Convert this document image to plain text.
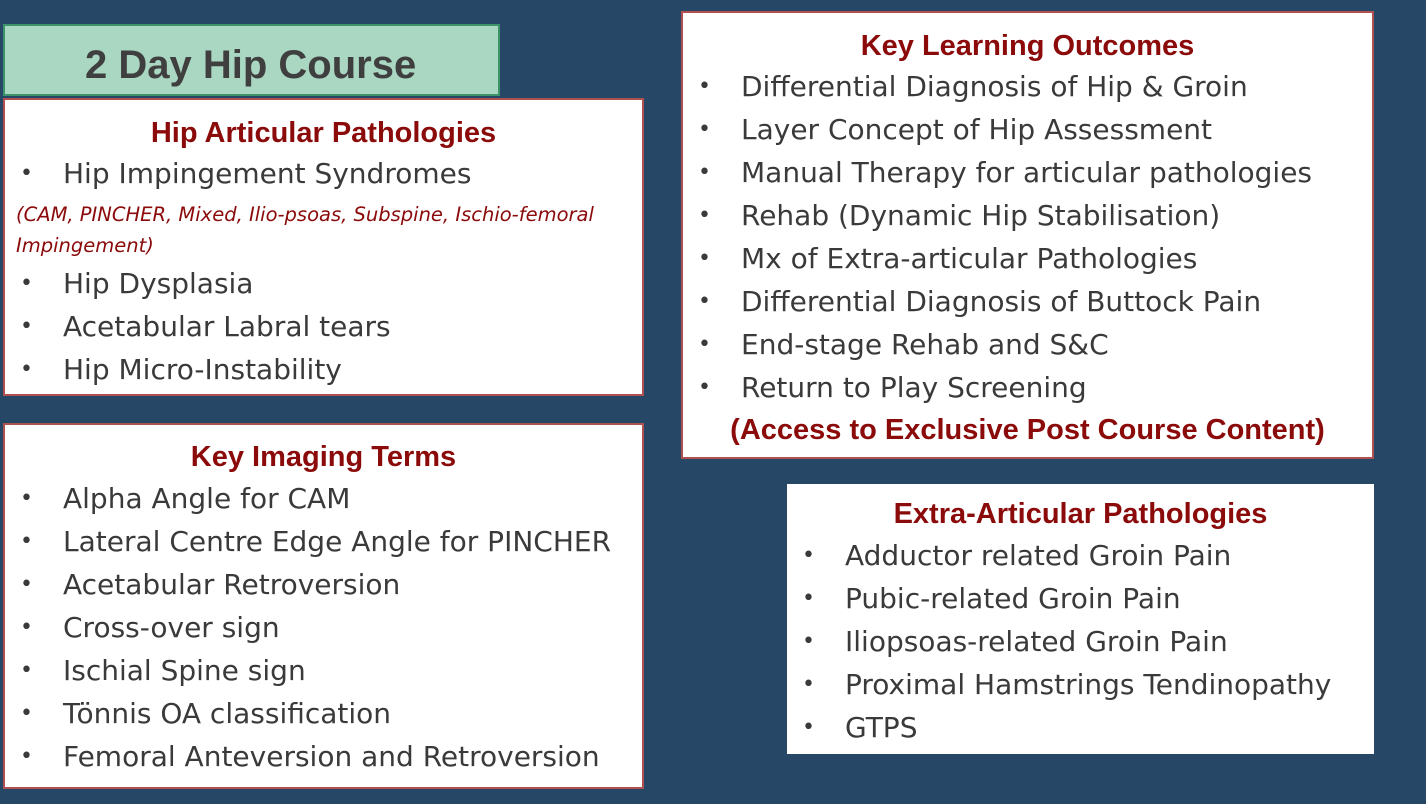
2 Day Hip Course
Hip Articular Pathologies
• Hip Impingement Syndromes
(CAM, PINCHER, Mixed, Ilio-psoas, Subspine, Ischio-femoral Impingement)
• Hip Dysplasia
• Acetabular Labral tears
• Hip Micro-Instability
Key Imaging Terms
• Alpha Angle for CAM
• Lateral Centre Edge Angle for PINCHER
• Acetabular Retroversion
• Cross-over sign
• Ischial Spine sign
• Tönnis OA classification
• Femoral Anteversion and Retroversion
Key Learning Outcomes
• Differential Diagnosis of Hip & Groin
• Layer Concept of Hip Assessment
• Manual Therapy for articular pathologies
• Rehab (Dynamic Hip Stabilisation)
• Mx of Extra-articular Pathologies
• Differential Diagnosis of Buttock Pain
• End-stage Rehab and S&C
• Return to Play Screening
(Access to Exclusive Post Course Content)
Extra-Articular Pathologies
• Adductor related Groin Pain
• Pubic-related Groin Pain
• Iliopsoas-related Groin Pain
• Proximal Hamstrings Tendinopathy
• GTPS
